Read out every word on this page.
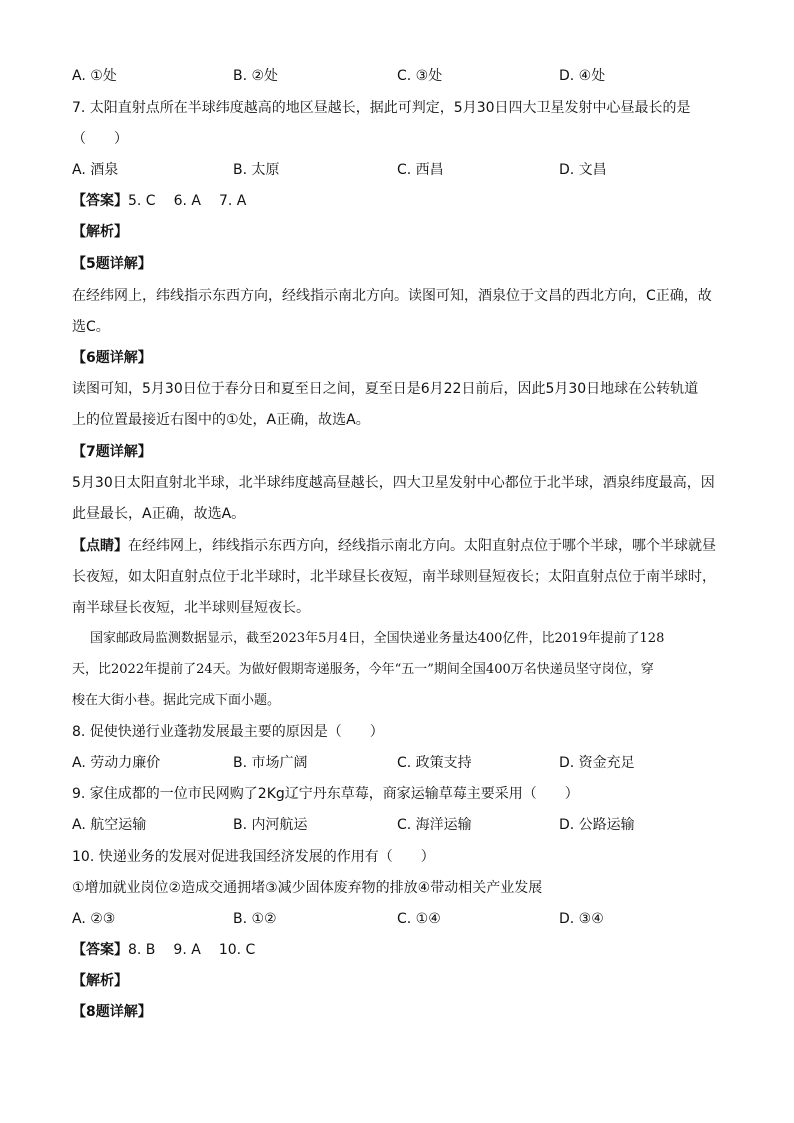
A. ①处	B. ②处	C. ③处	D. ④处
7. 太阳直射点所在半球纬度越高的地区昼越长，据此可判定，5月30日四大卫星发射中心昼最长的是
（　　）
A. 酒泉	B. 太原	C. 西昌	D. 文昌
【答案】5. C 6. A 7. A
【解析】
【5题详解】
在经纬网上，纬线指示东西方向，经线指示南北方向。读图可知，酒泉位于文昌的西北方向，C正确，故
选C。
【6题详解】
读图可知，5月30日位于春分日和夏至日之间，夏至日是6月22日前后，因此5月30日地球在公转轨道
上的位置最接近右图中的①处，A正确，故选A。
【7题详解】
5月30日太阳直射北半球，北半球纬度越高昼越长，四大卫星发射中心都位于北半球，酒泉纬度最高，因
此昼最长，A正确，故选A。
【点睛】在经纬网上，纬线指示东西方向，经线指示南北方向。太阳直射点位于哪个半球，哪个半球就昼
长夜短，如太阳直射点位于北半球时，北半球昼长夜短，南半球则昼短夜长；太阳直射点位于南半球时，
南半球昼长夜短，北半球则昼短夜长。
国家邮政局监测数据显示，截至2023年5月4日，全国快递业务量达400亿件，比2019年提前了128
天，比2022年提前了24天。为做好假期寄递服务，今年“五一”期间全国400万名快递员坚守岗位，穿
梭在大街小巷。据此完成下面小题。
8. 促使快递行业蓬勃发展最主要的原因是（　　）
A. 劳动力廉价	B. 市场广阔	C. 政策支持	D. 资金充足
9. 家住成都的一位市民网购了2Kg辽宁丹东草莓，商家运输草莓主要采用（　　）
A. 航空运输	B. 内河航运	C. 海洋运输	D. 公路运输
10. 快递业务的发展对促进我国经济发展的作用有（　　）
①增加就业岗位②造成交通拥堵③减少固体废弃物的排放④带动相关产业发展
A. ②③	B. ①②	C. ①④	D. ③④
【答案】8. B 9. A 10. C
【解析】
【8题详解】
